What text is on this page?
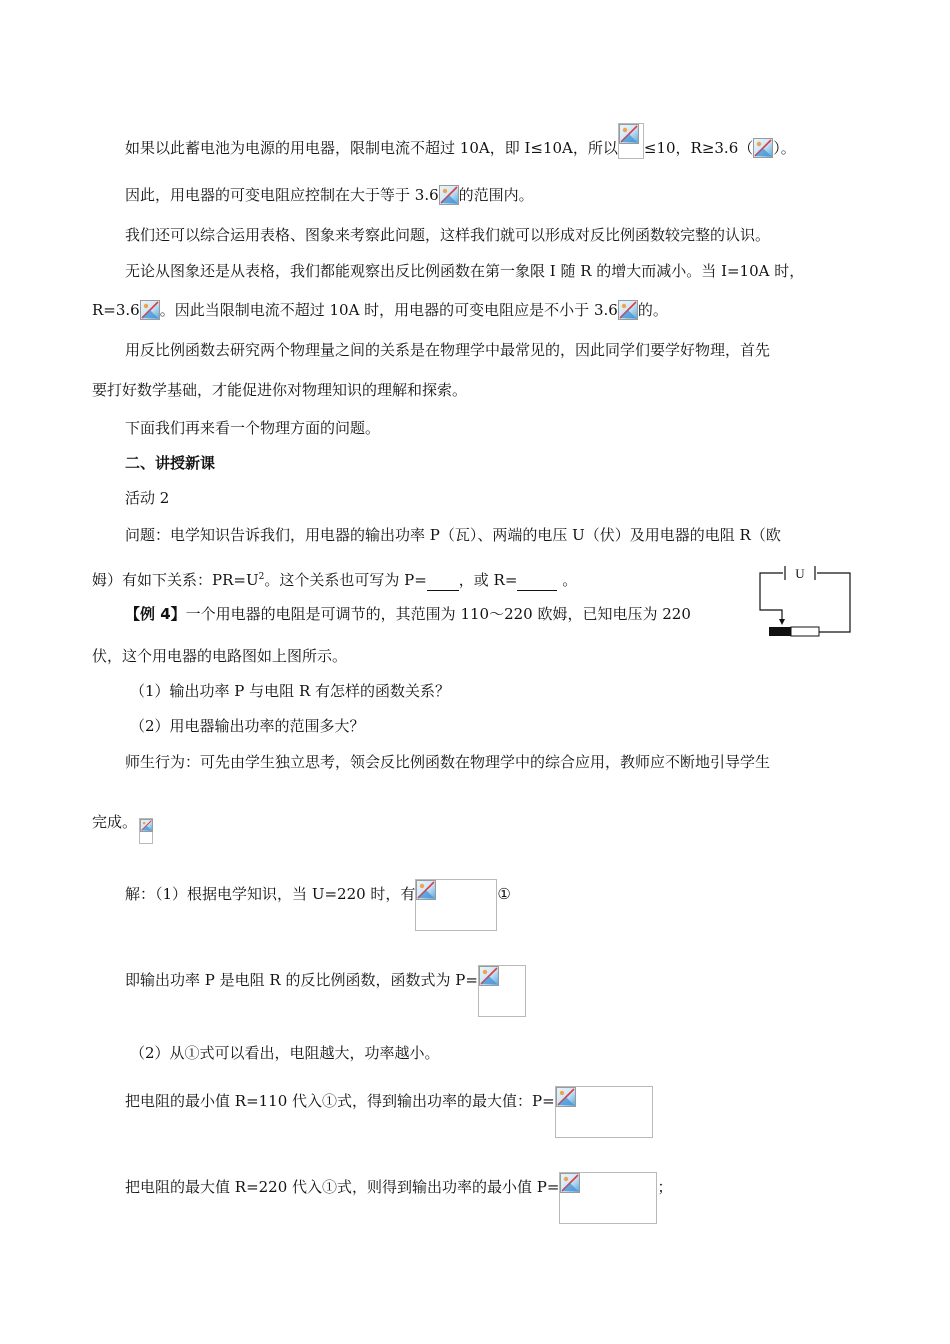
如果以此蓄电池为电源的用电器，限制电流不超过 10A，即 I≤10A，所以 ≤10，R≥3.6（ ）。
因此，用电器的可变电阻应控制在大于等于 3.6 的范围内。
我们还可以综合运用表格、图象来考察此问题，这样我们就可以形成对反比例函数较完整的认识。
无论从图象还是从表格，我们都能观察出反比例函数在第一象限 I 随 R 的增大而减小。当 I=10A 时，
R=3.6 。因此当限制电流不超过 10A 时，用电器的可变电阻应是不小于 3.6 的。
用反比例函数去研究两个物理量之间的关系是在物理学中最常见的，因此同学们要学好物理，首先
要打好数学基础，才能促进你对物理知识的理解和探索。
下面我们再来看一个物理方面的问题。
二、讲授新课
活动 2
问题：电学知识告诉我们，用电器的输出功率 P（瓦）、两端的电压 U（伏）及用电器的电阻 R（欧
姆）有如下关系：$PR=U^2$。这个关系也可写为 P= ，或 R=	。	U
【例 4】一个用电器的电阻是可调节的，其范围为 110～220 欧姆，已知电压为 220
伏，这个用电器的电路图如上图所示。
（1）输出功率 P 与电阻 R 有怎样的函数关系？
（2）用电器输出功率的范围多大？
师生行为：可先由学生独立思考，领会反比例函数在物理学中的综合应用，教师应不断地引导学生
完成。
解：（1）根据电学知识，当 U=220 时，有	①
即输出功率 P 是电阻 R 的反比例函数，函数式为 P=
（2）从①式可以看出，电阻越大，功率越小。
把电阻的最小值 R=110 代入①式，得到输出功率的最大值：P=
把电阻的最大值 R=220 代入①式，则得到输出功率的最小值 P=	；
